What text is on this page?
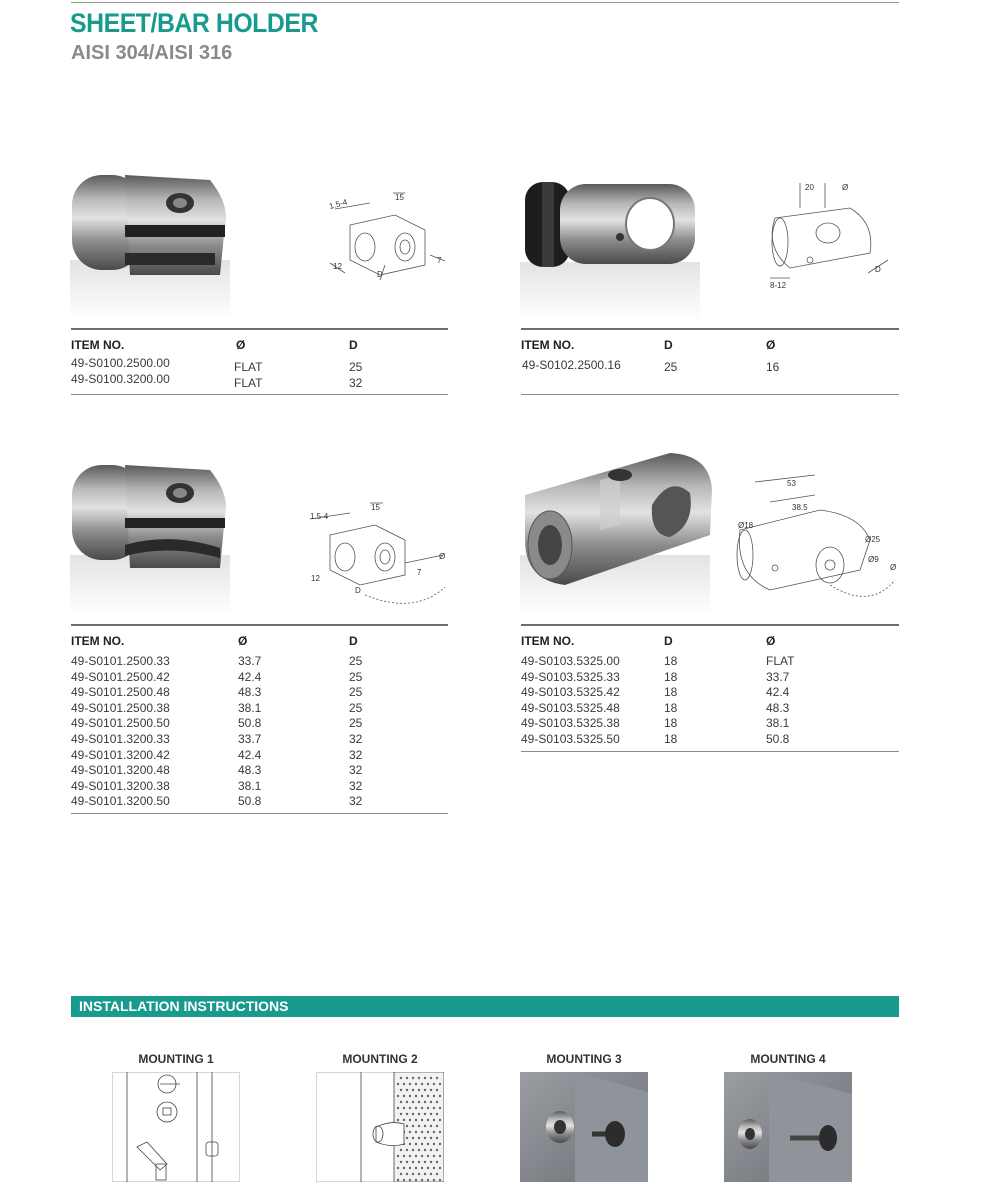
SHEET/BAR HOLDER
AISI 304/AISI 316
1.5-4
15
12
D
7
ITEM NO.	Ø	D
49-S0100.2500.00	FLAT	25
49-S0100.3200.00	FLAT	32
20	Ø
8-12
D
ITEM NO.	D	Ø
49-S0102.2500.16	25	16
1.5-4
15
12
D
7
Ø
ITEM NO.	Ø	D
49-S0101.2500.33	33.7	25
49-S0101.2500.42	42.4	25
49-S0101.2500.48	48.3	25
49-S0101.2500.38	38.1	25
49-S0101.2500.50	50.8	25
49-S0101.3200.33	33.7	32
49-S0101.3200.42	42.4	32
49-S0101.3200.48	48.3	32
49-S0101.3200.38	38.1	32
49-S0101.3200.50	50.8	32
53
38.5
Ø18
Ø25
Ø9
Ø
ITEM NO.	D	Ø
49-S0103.5325.00	18	FLAT
49-S0103.5325.33	18	33.7
49-S0103.5325.42	18	42.4
49-S0103.5325.48	18	48.3
49-S0103.5325.38	18	38.1
49-S0103.5325.50	18	50.8
INSTALLATION INSTRUCTIONS
MOUNTING 1	MOUNTING 2	MOUNTING 3	MOUNTING 4
